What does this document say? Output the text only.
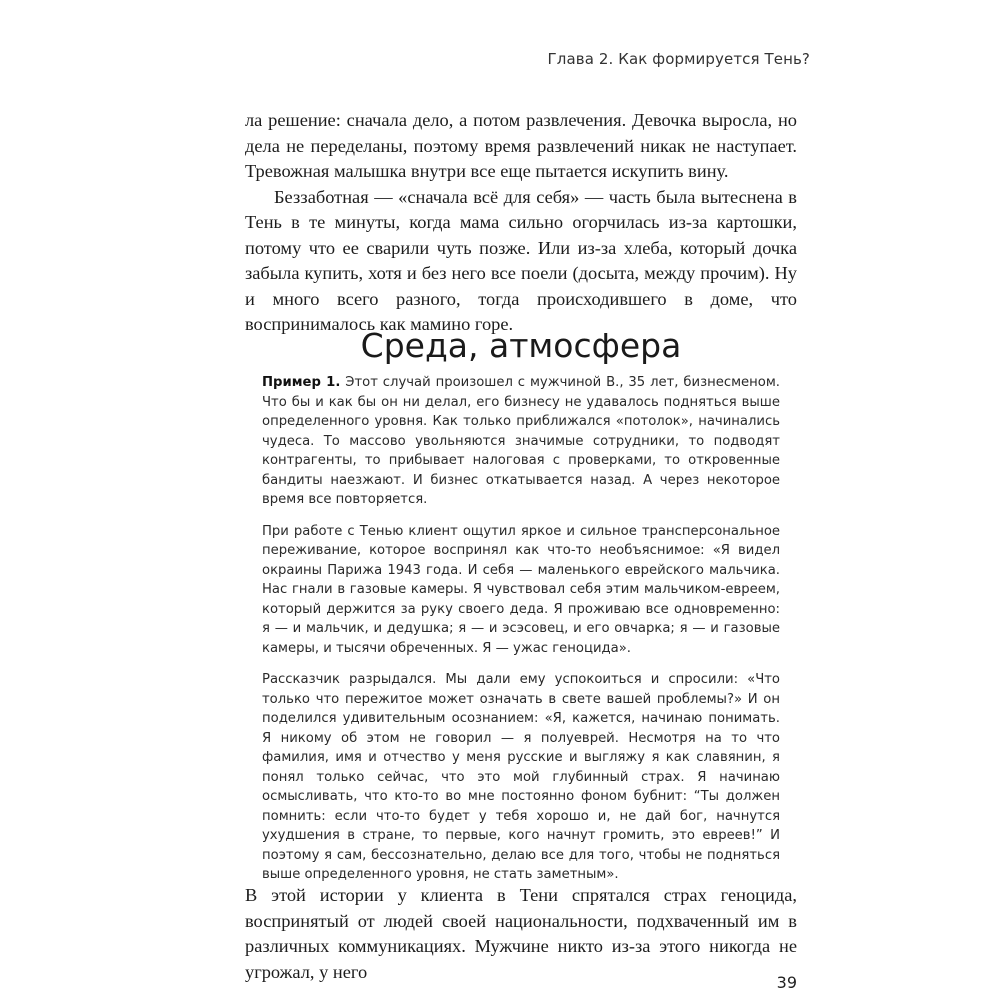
Глава 2. Как формируется Тень?

ла решение: сначала дело, а потом развлечения. Девочка выросла, но дела не переделаны, поэтому время развлечений никак не наступает. Тревожная малышка внутри все еще пытается искупить вину.

Беззаботная — «сначала всё для себя» — часть была вытеснена в Тень в те минуты, когда мама сильно огорчилась из-за картошки, потому что ее сварили чуть позже. Или из-за хлеба, который дочка забыла купить, хотя и без него все поели (досыта, между прочим). Ну и много всего разного, тогда происходившего в доме, что воспринималось как мамино горе.

Среда, атмосфера

Пример 1. Этот случай произошел с мужчиной В., 35 лет, бизнесменом. Что бы и как бы он ни делал, его бизнесу не удавалось подняться выше определенного уровня. Как только приближался «потолок», начинались чудеса. То массово увольняются значимые сотрудники, то подводят контрагенты, то прибывает налоговая с проверками, то откровенные бандиты наезжают. И бизнес откатывается назад. А через некоторое время все повторяется.

При работе с Тенью клиент ощутил яркое и сильное трансперсональное переживание, которое воспринял как что-то необъяснимое: «Я видел окраины Парижа 1943 года. И себя — маленького еврейского мальчика. Нас гнали в газовые камеры. Я чувствовал себя этим мальчиком-евреем, который держится за руку своего деда. Я проживаю все одновременно: я — и мальчик, и дедушка; я — и эсэсовец, и его овчарка; я — и газовые камеры, и тысячи обреченных. Я — ужас геноцида».

Рассказчик разрыдался. Мы дали ему успокоиться и спросили: «Что только что пережитое может означать в свете вашей проблемы?» И он поделился удивительным осознанием: «Я, кажется, начинаю понимать. Я никому об этом не говорил — я полуеврей. Несмотря на то что фамилия, имя и отчество у меня русские и выгляжу я как славянин, я понял только сейчас, что это мой глубинный страх. Я начинаю осмысливать, что кто-то во мне постоянно фоном бубнит: “Ты должен помнить: если что-то будет у тебя хорошо и, не дай бог, начнутся ухудшения в стране, то первые, кого начнут громить, это евреев!” И поэтому я сам, бессознательно, делаю все для того, чтобы не подняться выше определенного уровня, не стать заметным».

В этой истории у клиента в Тени спрятался страх геноцида, воспринятый от людей своей национальности, подхваченный им в различных коммуникациях. Мужчине никто из-за этого никогда не угрожал, у него

39
